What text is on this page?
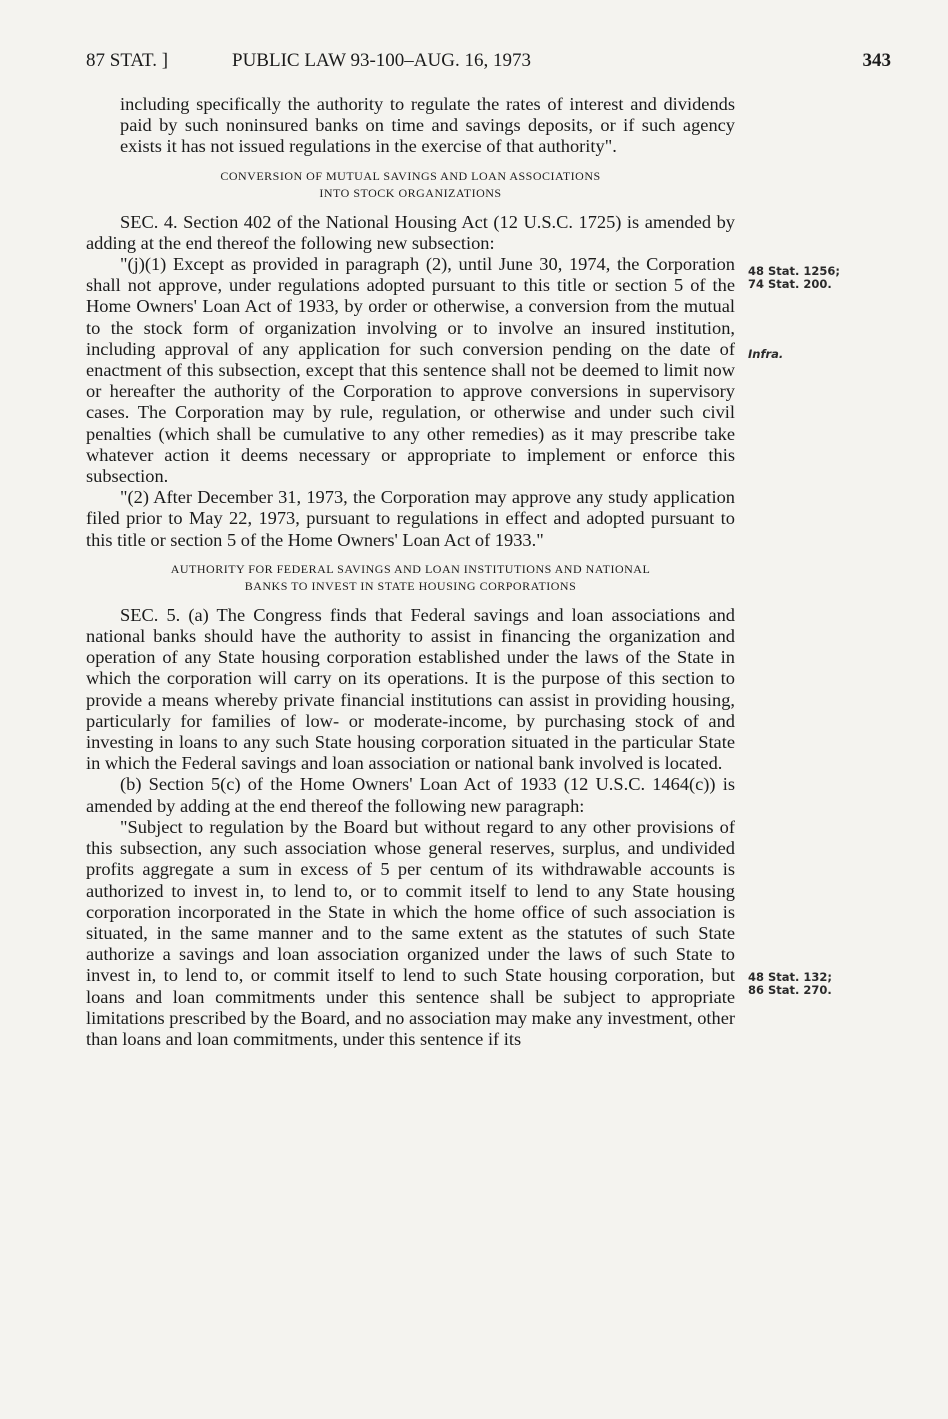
87 STAT. ]	PUBLIC LAW 93-100–AUG. 16, 1973	343

including specifically the authority to regulate the rates of interest and dividends paid by such noninsured banks on time and savings deposits, or if such agency exists it has not issued regulations in the exercise of that authority".

CONVERSION OF MUTUAL SAVINGS AND LOAN ASSOCIATIONS
INTO STOCK ORGANIZATIONS

SEC. 4. Section 402 of the National Housing Act (12 U.S.C. 1725) is amended by adding at the end thereof the following new subsection:

"(j)(1) Except as provided in paragraph (2), until June 30, 1974, the Corporation shall not approve, under regulations adopted pursuant to this title or section 5 of the Home Owners' Loan Act of 1933, by order or otherwise, a conversion from the mutual to the stock form of organization involving or to involve an insured institution, including approval of any application for such conversion pending on the date of enactment of this subsection, except that this sentence shall not be deemed to limit now or hereafter the authority of the Corporation to approve conversions in supervisory cases. The Corporation may by rule, regulation, or otherwise and under such civil penalties (which shall be cumulative to any other remedies) as it may prescribe take whatever action it deems necessary or appropriate to implement or enforce this subsection.

"(2) After December 31, 1973, the Corporation may approve any study application filed prior to May 22, 1973, pursuant to regulations in effect and adopted pursuant to this title or section 5 of the Home Owners' Loan Act of 1933."

AUTHORITY FOR FEDERAL SAVINGS AND LOAN INSTITUTIONS AND NATIONAL
BANKS TO INVEST IN STATE HOUSING CORPORATIONS

SEC. 5. (a) The Congress finds that Federal savings and loan associations and national banks should have the authority to assist in financing the organization and operation of any State housing corporation established under the laws of the State in which the corporation will carry on its operations. It is the purpose of this section to provide a means whereby private financial institutions can assist in providing housing, particularly for families of low- or moderate-income, by purchasing stock of and investing in loans to any such State housing corporation situated in the particular State in which the Federal savings and loan association or national bank involved is located.

(b) Section 5(c) of the Home Owners' Loan Act of 1933 (12 U.S.C. 1464(c)) is amended by adding at the end thereof the following new paragraph:

"Subject to regulation by the Board but without regard to any other provisions of this subsection, any such association whose general reserves, surplus, and undivided profits aggregate a sum in excess of 5 per centum of its withdrawable accounts is authorized to invest in, to lend to, or to commit itself to lend to any State housing corporation incorporated in the State in which the home office of such association is situated, in the same manner and to the same extent as the statutes of such State authorize a savings and loan association organized under the laws of such State to invest in, to lend to, or commit itself to lend to such State housing corporation, but loans and loan commitments under this sentence shall be subject to appropriate limitations prescribed by the Board, and no association may make any investment, other than loans and loan commitments, under this sentence if its

48 Stat. 1256;
74 Stat. 200.
Infra.
48 Stat. 132;
86 Stat. 270.
